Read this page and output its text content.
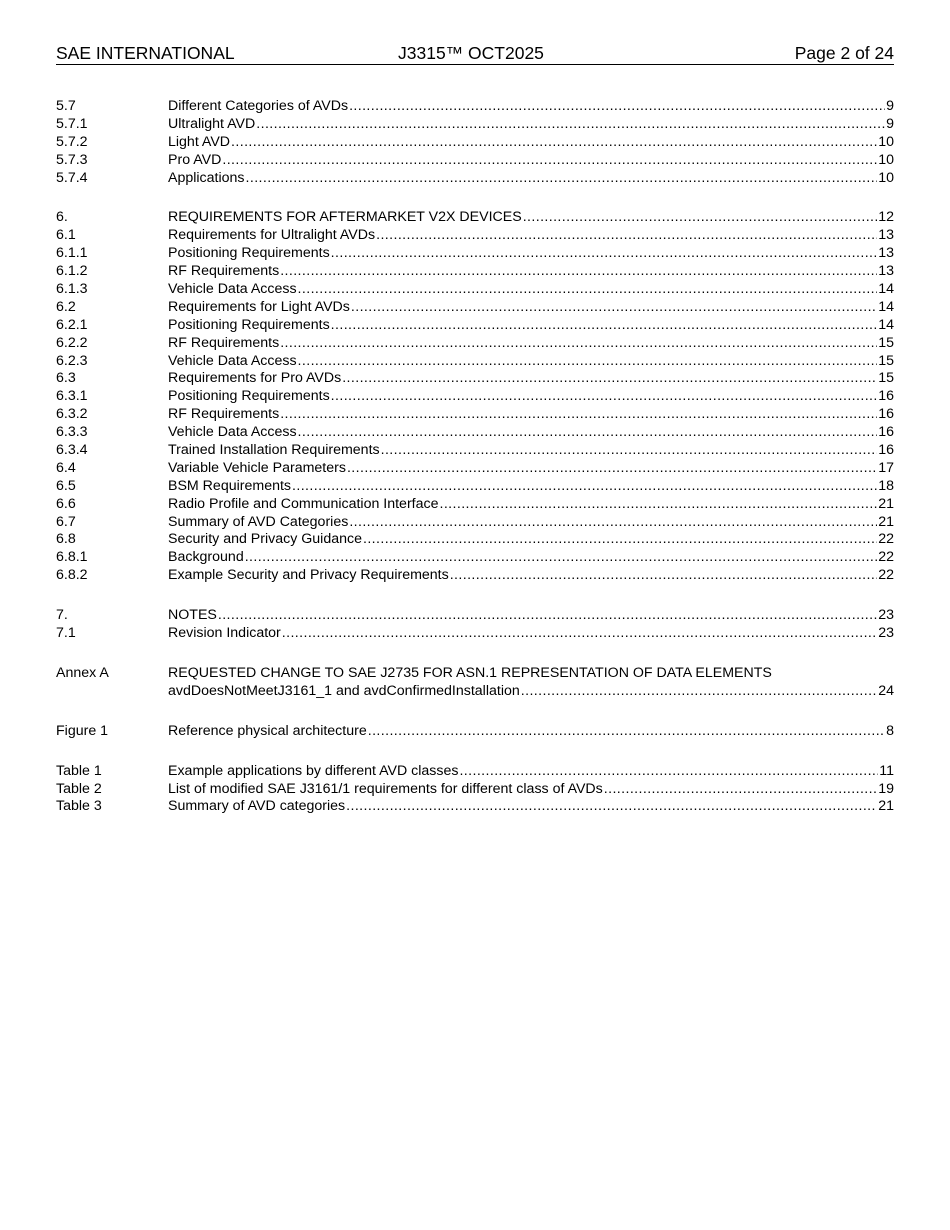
SAE INTERNATIONAL	J3315™ OCT2025	Page 2 of 24
5.7	Different Categories of AVDs .....	9
5.7.1	Ultralight AVD .....	9
5.7.2	Light AVD .....	10
5.7.3	Pro AVD .....	10
5.7.4	Applications .....	10
6.	REQUIREMENTS FOR AFTERMARKET V2X DEVICES .....	12
6.1	Requirements for Ultralight AVDs .....	13
6.1.1	Positioning Requirements .....	13
6.1.2	RF Requirements .....	13
6.1.3	Vehicle Data Access .....	14
6.2	Requirements for Light AVDs .....	14
6.2.1	Positioning Requirements .....	14
6.2.2	RF Requirements .....	15
6.2.3	Vehicle Data Access .....	15
6.3	Requirements for Pro AVDs .....	15
6.3.1	Positioning Requirements .....	16
6.3.2	RF Requirements .....	16
6.3.3	Vehicle Data Access .....	16
6.3.4	Trained Installation Requirements .....	16
6.4	Variable Vehicle Parameters .....	17
6.5	BSM Requirements .....	18
6.6	Radio Profile and Communication Interface .....	21
6.7	Summary of AVD Categories .....	21
6.8	Security and Privacy Guidance .....	22
6.8.1	Background .....	22
6.8.2	Example Security and Privacy Requirements .....	22
7.	NOTES .....	23
7.1	Revision Indicator .....	23
Annex A	REQUESTED CHANGE TO SAE J2735 FOR ASN.1 REPRESENTATION OF DATA ELEMENTS
avdDoesNotMeetJ3161_1 and avdConfirmedInstallation .....	24
Figure 1	Reference physical architecture .....	8
Table 1	Example applications by different AVD classes .....	11
Table 2	List of modified SAE J3161/1 requirements for different class of AVDs .....	19
Table 3	Summary of AVD categories .....	21
